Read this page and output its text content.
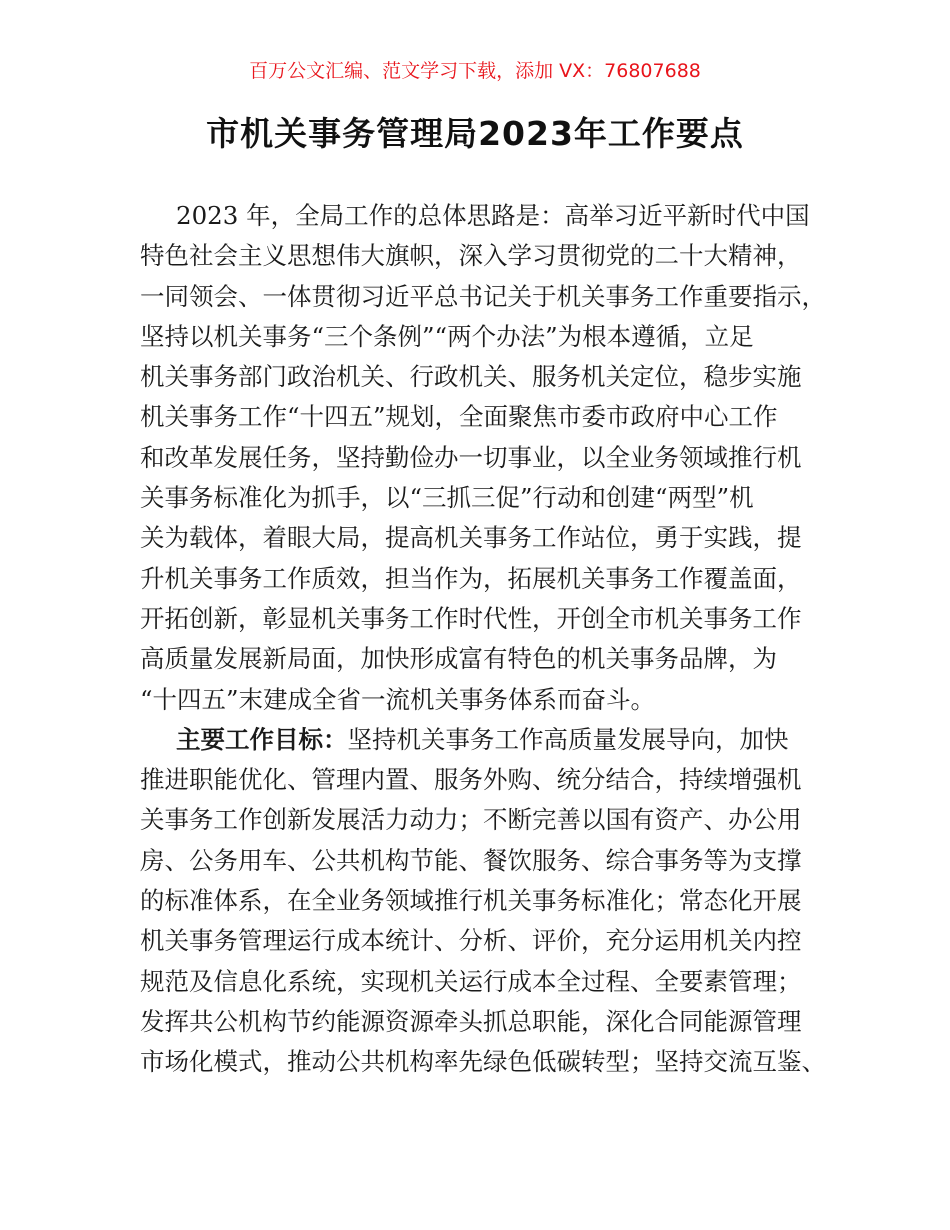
百万公文汇编、范文学习下载，添加 VX：76807688
市机关事务管理局2023年工作要点
2023 年，全局工作的总体思路是：高举习近平新时代中国
特色社会主义思想伟大旗帜，深入学习贯彻党的二十大精神，
一同领会、一体贯彻习近平总书记关于机关事务工作重要指示，
坚持以机关事务“三个条例”“两个办法”为根本遵循，立足
机关事务部门政治机关、行政机关、服务机关定位，稳步实施
机关事务工作“十四五”规划，全面聚焦市委市政府中心工作
和改革发展任务，坚持勤俭办一切事业，以全业务领域推行机
关事务标准化为抓手，以“三抓三促”行动和创建“两型”机
关为载体，着眼大局，提高机关事务工作站位，勇于实践，提
升机关事务工作质效，担当作为，拓展机关事务工作覆盖面，
开拓创新，彰显机关事务工作时代性，开创全市机关事务工作
高质量发展新局面，加快形成富有特色的机关事务品牌，为
“十四五”末建成全省一流机关事务体系而奋斗。
主要工作目标：坚持机关事务工作高质量发展导向，加快
推进职能优化、管理内置、服务外购、统分结合，持续增强机
关事务工作创新发展活力动力；不断完善以国有资产、办公用
房、公务用车、公共机构节能、餐饮服务、综合事务等为支撑
的标准体系，在全业务领域推行机关事务标准化；常态化开展
机关事务管理运行成本统计、分析、评价，充分运用机关内控
规范及信息化系统，实现机关运行成本全过程、全要素管理；
发挥共公机构节约能源资源牵头抓总职能，深化合同能源管理
市场化模式，推动公共机构率先绿色低碳转型；坚持交流互鉴、
